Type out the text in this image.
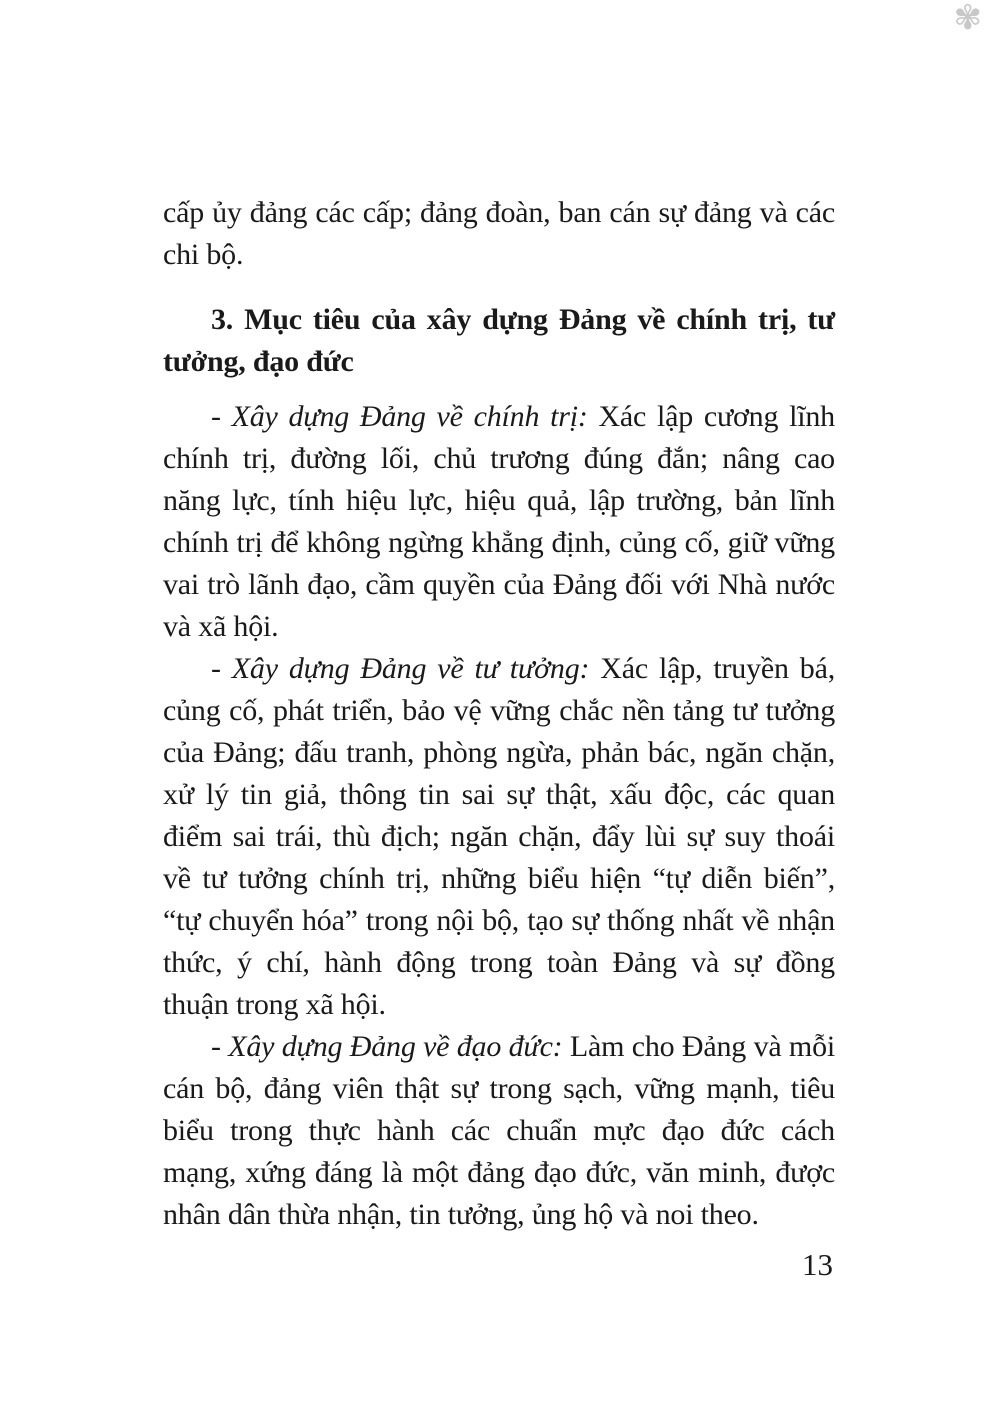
✾

cấp ủy đảng các cấp; đảng đoàn, ban cán sự đảng và các chi bộ.

3. Mục tiêu của xây dựng Đảng về chính trị, tư tưởng, đạo đức

- Xây dựng Đảng về chính trị: Xác lập cương lĩnh chính trị, đường lối, chủ trương đúng đắn; nâng cao năng lực, tính hiệu lực, hiệu quả, lập trường, bản lĩnh chính trị để không ngừng khẳng định, củng cố, giữ vững vai trò lãnh đạo, cầm quyền của Đảng đối với Nhà nước và xã hội.

- Xây dựng Đảng về tư tưởng: Xác lập, truyền bá, củng cố, phát triển, bảo vệ vững chắc nền tảng tư tưởng của Đảng; đấu tranh, phòng ngừa, phản bác, ngăn chặn, xử lý tin giả, thông tin sai sự thật, xấu độc, các quan điểm sai trái, thù địch; ngăn chặn, đẩy lùi sự suy thoái về tư tưởng chính trị, những biểu hiện “tự diễn biến”, “tự chuyển hóa” trong nội bộ, tạo sự thống nhất về nhận thức, ý chí, hành động trong toàn Đảng và sự đồng thuận trong xã hội.

- Xây dựng Đảng về đạo đức: Làm cho Đảng và mỗi cán bộ, đảng viên thật sự trong sạch, vững mạnh, tiêu biểu trong thực hành các chuẩn mực đạo đức cách mạng, xứng đáng là một đảng đạo đức, văn minh, được nhân dân thừa nhận, tin tưởng, ủng hộ và noi theo.

13
